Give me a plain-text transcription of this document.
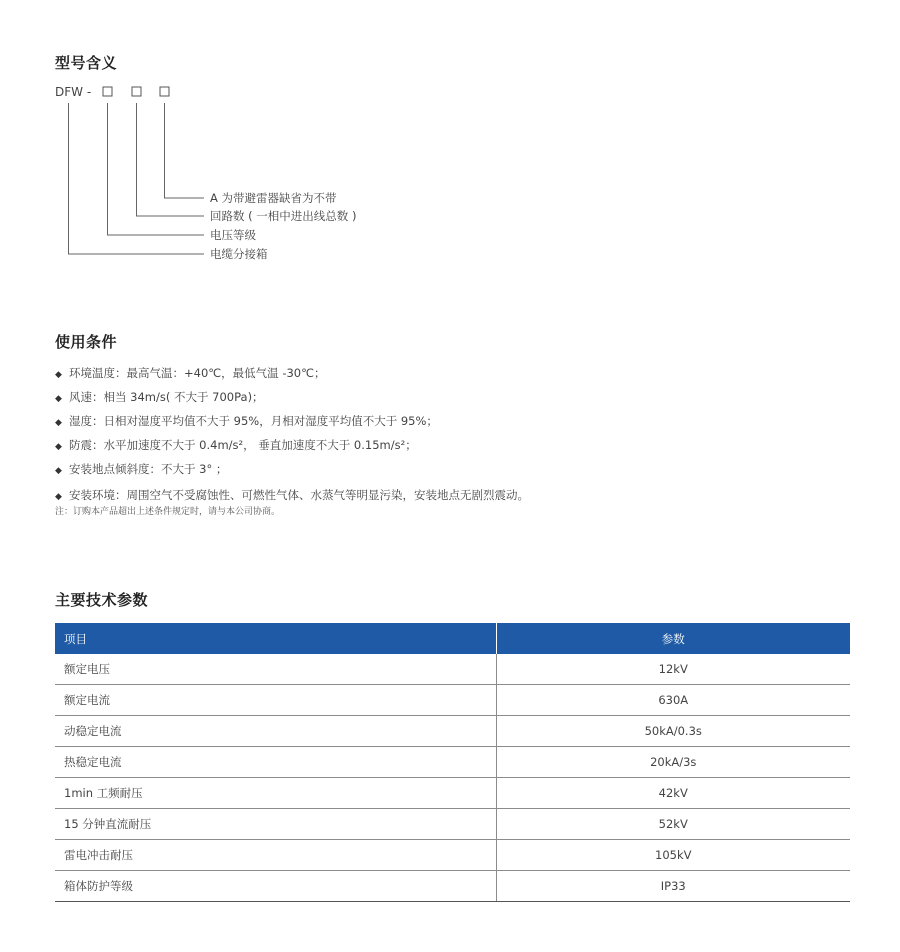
型号含义
DFW -
A 为带避雷器缺省为不带
回路数 ( 一相中进出线总数 )
电压等级
电缆分接箱
使用条件
◆ 环境温度：最高气温：+40℃，最低气温 -30℃；
◆ 风速：相当 34m/s( 不大于 700Pa)；
◆ 湿度：日相对湿度平均值不大于 95%，月相对湿度平均值不大于 95%；
◆ 防震：水平加速度不大于 0.4m/s²， 垂直加速度不大于 0.15m/s²；
◆ 安装地点倾斜度：不大于 3° ；
◆ 安装环境：周围空气不受腐蚀性、可燃性气体、水蒸气等明显污染，安装地点无剧烈震动。
注：订购本产品超出上述条件规定时，请与本公司协商。
主要技术参数
项目	参数
额定电压	12kV
额定电流	630A
动稳定电流	50kA/0.3s
热稳定电流	20kA/3s
1min 工频耐压	42kV
15 分钟直流耐压	52kV
雷电冲击耐压	105kV
箱体防护等级	IP33
